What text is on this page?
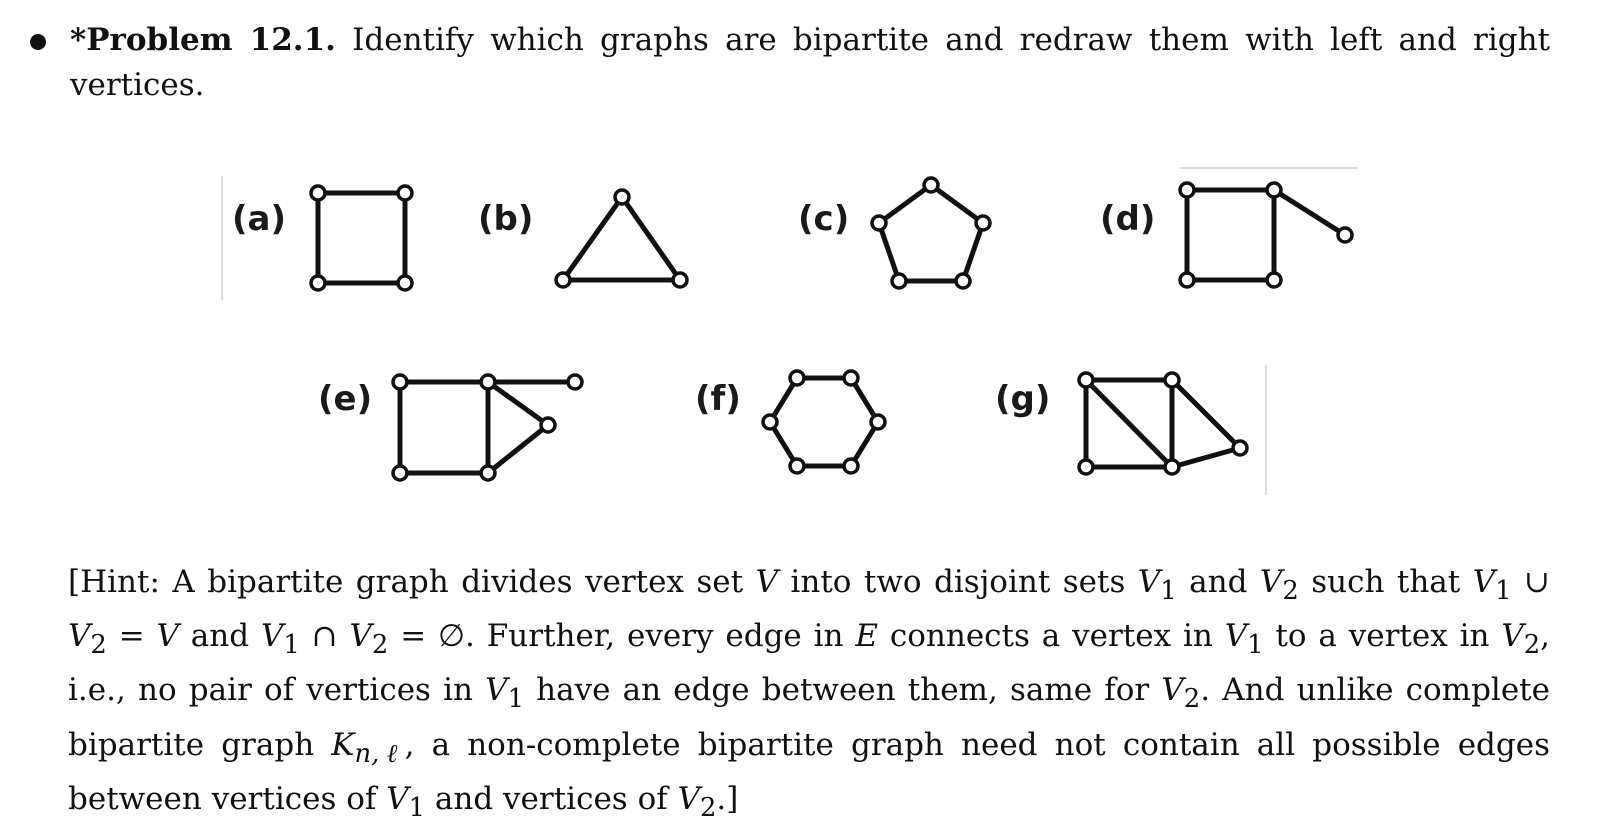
*Problem 12.1. Identify which graphs are bipartite and redraw them with left and right vertices.
(a)	(b)	(c)	(d)
(e)	(f)	(g)
[Hint: A bipartite graph divides vertex set V into two disjoint sets $V_1$ and $V_2$ such that $V_1$ ∪ $V_2 = V$ and $V_1$ ∩ $V_2$ = ∅. Further, every edge in E connects a vertex in $V_1$ to a vertex in $V_2$, i.e., no pair of vertices in $V_1$ have an edge between them, same for $V_2$. And unlike complete bipartite graph $K_{n,\ell}$, a non-complete bipartite graph need not contain all possible edges between vertices of $V_1$ and vertices of $V_2$.]
